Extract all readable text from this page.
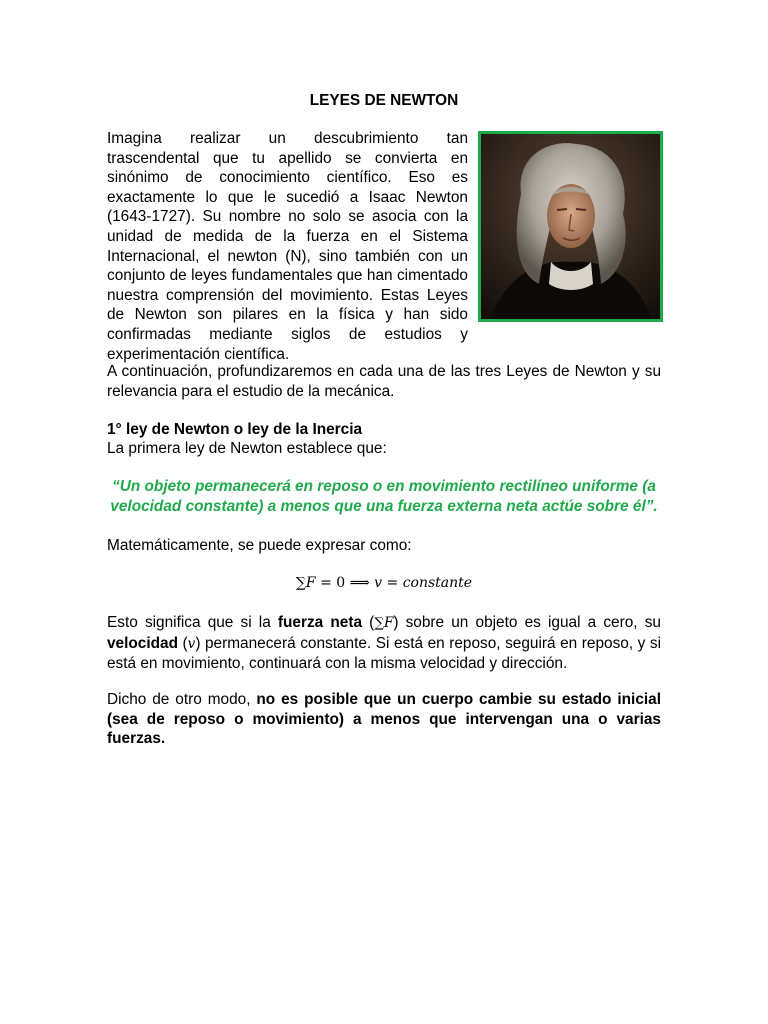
LEYES DE NEWTON

Imagina realizar un descubrimiento tan trascendental que tu apellido se convierta en sinónimo de conocimiento científico. Eso es exactamente lo que le sucedió a Isaac Newton (1643-1727). Su nombre no solo se asocia con la unidad de medida de la fuerza en el Sistema Internacional, el newton (N), sino también con un conjunto de leyes fundamentales que han cimentado nuestra comprensión del movimiento. Estas Leyes de Newton son pilares en la física y han sido confirmadas mediante siglos de estudios y experimentación científica.

A continuación, profundizaremos en cada una de las tres Leyes de Newton y su relevancia para el estudio de la mecánica.

1° ley de Newton o ley de la Inercia

La primera ley de Newton establece que:

“Un objeto permanecerá en reposo o en movimiento rectilíneo uniforme (a velocidad constante) a menos que una fuerza externa neta actúe sobre él”.

Matemáticamente, se puede expresar como:

∑F = 0 ⟹ v = constante

Esto significa que si la fuerza neta (∑F) sobre un objeto es igual a cero, su velocidad (v) permanecerá constante. Si está en reposo, seguirá en reposo, y si está en movimiento, continuará con la misma velocidad y dirección.

Dicho de otro modo, no es posible que un cuerpo cambie su estado inicial (sea de reposo o movimiento) a menos que intervengan una o varias fuerzas.
